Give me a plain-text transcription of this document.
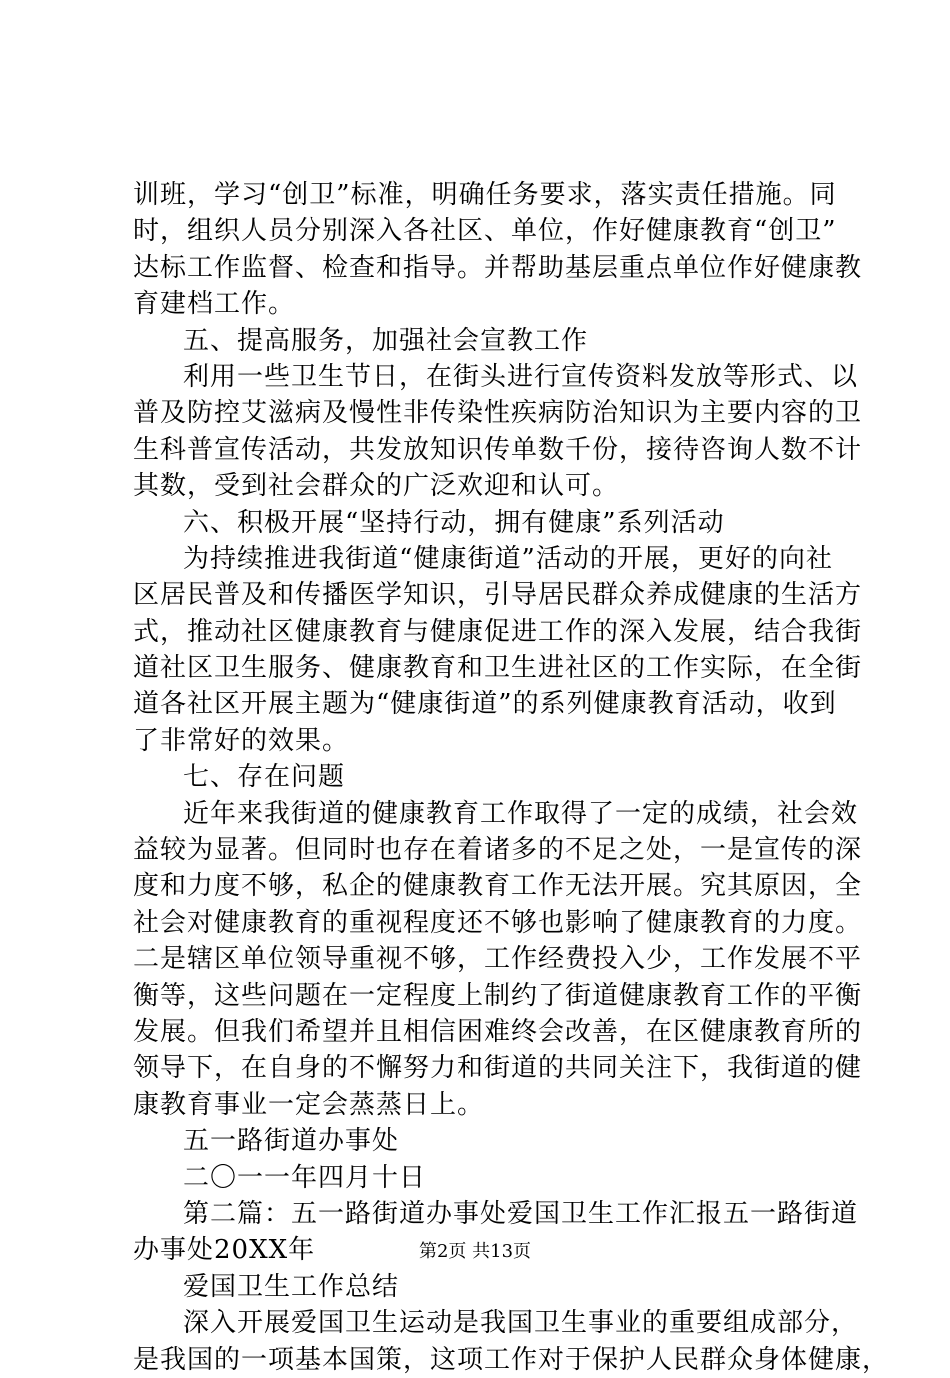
训班，学习“创卫”标准，明确任务要求，落实责任措施。同
时，组织人员分别深入各社区、单位，作好健康教育“创卫”
达标工作监督、检查和指导。并帮助基层重点单位作好健康教
育建档工作。
五、提高服务，加强社会宣教工作
利用一些卫生节日，在街头进行宣传资料发放等形式、以
普及防控艾滋病及慢性非传染性疾病防治知识为主要内容的卫
生科普宣传活动，共发放知识传单数千份，接待咨询人数不计
其数，受到社会群众的广泛欢迎和认可。
六、积极开展“坚持行动，拥有健康”系列活动
为持续推进我街道“健康街道”活动的开展，更好的向社
区居民普及和传播医学知识，引导居民群众养成健康的生活方
式，推动社区健康教育与健康促进工作的深入发展，结合我街
道社区卫生服务、健康教育和卫生进社区的工作实际，在全街
道各社区开展主题为“健康街道”的系列健康教育活动，收到
了非常好的效果。
七、存在问题
近年来我街道的健康教育工作取得了一定的成绩，社会效
益较为显著。但同时也存在着诸多的不足之处，一是宣传的深
度和力度不够，私企的健康教育工作无法开展。究其原因，全
社会对健康教育的重视程度还不够也影响了健康教育的力度。
二是辖区单位领导重视不够，工作经费投入少，工作发展不平
衡等，这些问题在一定程度上制约了街道健康教育工作的平衡
发展。但我们希望并且相信困难终会改善，在区健康教育所的
领导下，在自身的不懈努力和街道的共同关注下，我街道的健
康教育事业一定会蒸蒸日上。
五一路街道办事处
二〇一一年四月十日
第二篇：五一路街道办事处爱国卫生工作汇报五一路街道
办事处20XX年
爱国卫生工作总结
深入开展爱国卫生运动是我国卫生事业的重要组成部分，
是我国的一项基本国策，这项工作对于保护人民群众身体健康，
第2页 共13页
